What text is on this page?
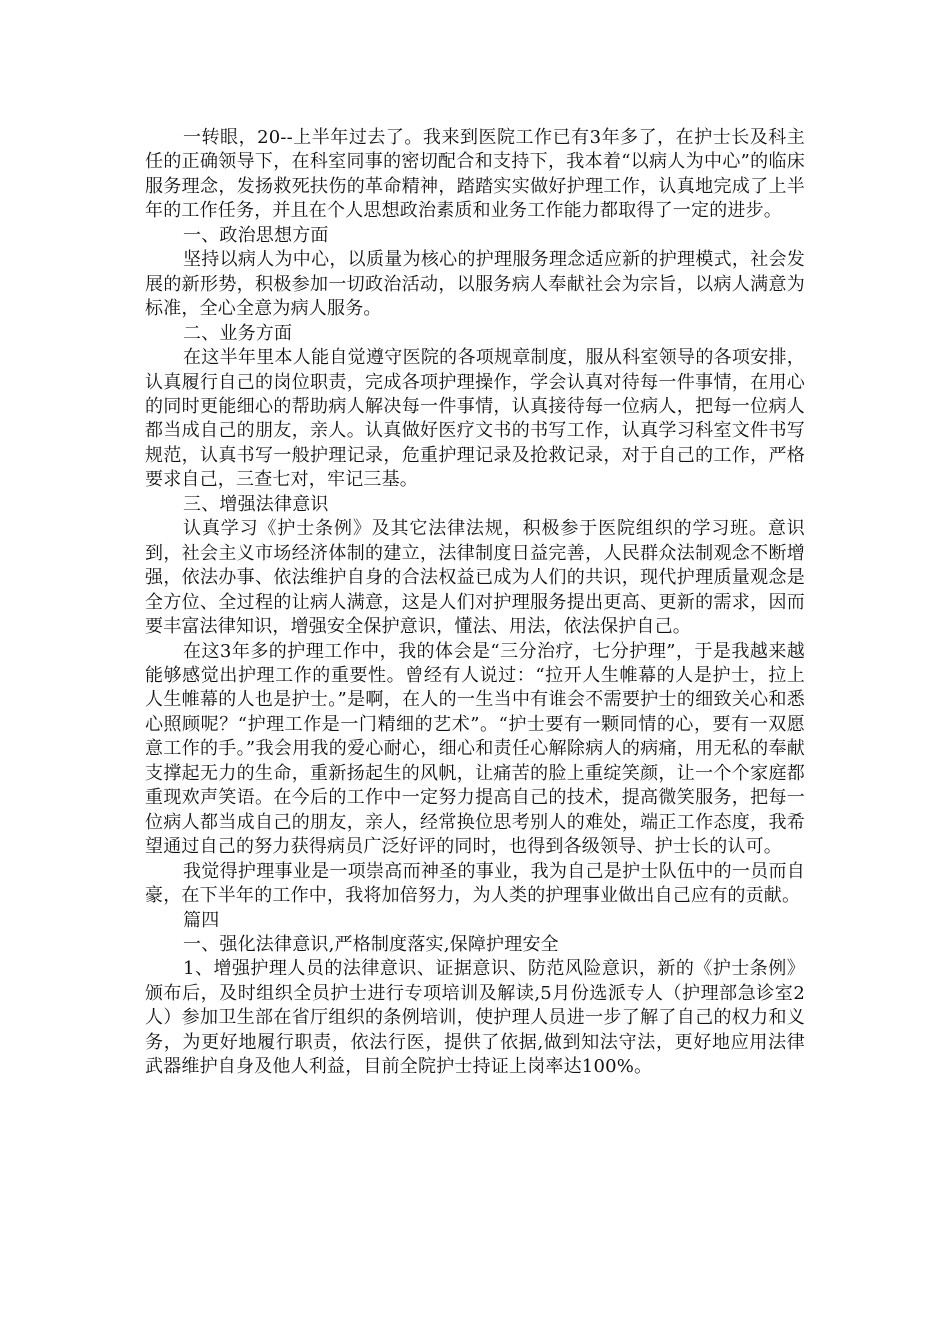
一转眼，20--上半年过去了。我来到医院工作已有3年多了，在护士长及科主任的正确领导下，在科室同事的密切配合和支持下，我本着“以病人为中心”的临床服务理念，发扬救死扶伤的革命精神，踏踏实实做好护理工作，认真地完成了上半年的工作任务，并且在个人思想政治素质和业务工作能力都取得了一定的进步。

一、政治思想方面

坚持以病人为中心，以质量为核心的护理服务理念适应新的护理模式，社会发展的新形势，积极参加一切政治活动，以服务病人奉献社会为宗旨，以病人满意为标准，全心全意为病人服务。

二、业务方面

在这半年里本人能自觉遵守医院的各项规章制度，服从科室领导的各项安排，认真履行自己的岗位职责，完成各项护理操作，学会认真对待每一件事情，在用心的同时更能细心的帮助病人解决每一件事情，认真接待每一位病人，把每一位病人都当成自己的朋友，亲人。认真做好医疗文书的书写工作，认真学习科室文件书写规范，认真书写一般护理记录，危重护理记录及抢救记录，对于自己的工作，严格要求自己，三查七对，牢记三基。

三、增强法律意识

认真学习《护士条例》及其它法律法规，积极参于医院组织的学习班。意识到，社会主义市场经济体制的建立，法律制度日益完善，人民群众法制观念不断增强，依法办事、依法维护自身的合法权益已成为人们的共识，现代护理质量观念是全方位、全过程的让病人满意，这是人们对护理服务提出更高、更新的需求，因而要丰富法律知识，增强安全保护意识，懂法、用法，依法保护自己。

在这3年多的护理工作中，我的体会是“三分治疗，七分护理”，于是我越来越能够感觉出护理工作的重要性。曾经有人说过：“拉开人生帷幕的人是护士，拉上人生帷幕的人也是护士。”是啊，在人的一生当中有谁会不需要护士的细致关心和悉心照顾呢？“护理工作是一门精细的艺术”。“护士要有一颗同情的心，要有一双愿意工作的手。”我会用我的爱心耐心，细心和责任心解除病人的病痛，用无私的奉献支撑起无力的生命，重新扬起生的风帆，让痛苦的脸上重绽笑颜，让一个个家庭都重现欢声笑语。在今后的工作中一定努力提高自己的技术，提高微笑服务，把每一位病人都当成自己的朋友，亲人，经常换位思考别人的难处，端正工作态度，我希望通过自己的努力获得病员广泛好评的同时，也得到各级领导、护士长的认可。

我觉得护理事业是一项崇高而神圣的事业，我为自己是护士队伍中的一员而自豪，在下半年的工作中，我将加倍努力，为人类的护理事业做出自己应有的贡献。

篇四

一、强化法律意识,严格制度落实,保障护理安全

1、增强护理人员的法律意识、证据意识、防范风险意识，新的《护士条例》颁布后，及时组织全员护士进行专项培训及解读,5月份选派专人（护理部急诊室2人）参加卫生部在省厅组织的条例培训，使护理人员进一步了解了自己的权力和义务，为更好地履行职责，依法行医，提供了依据,做到知法守法，更好地应用法律武器维护自身及他人利益，目前全院护士持证上岗率达100%。
